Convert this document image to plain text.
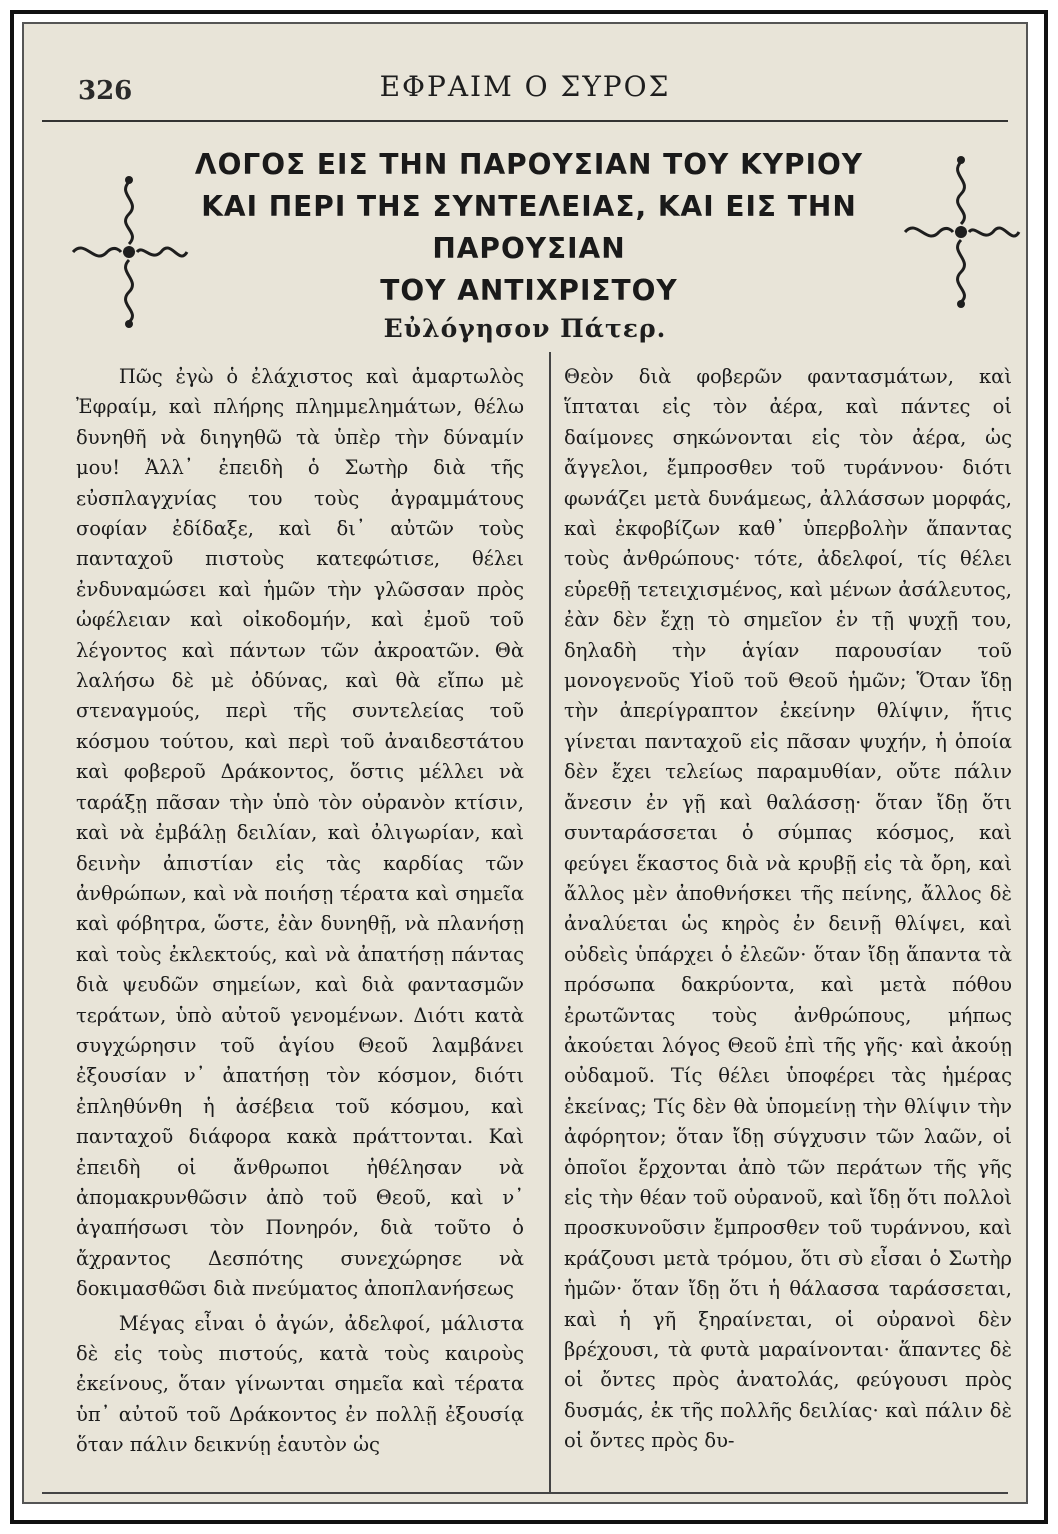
326	ΕΦΡΑΙΜ Ο ΣΥΡΟΣ
ΛΟΓΟΣ ΕΙΣ ΤΗΝ ΠΑΡΟΥΣΙΑΝ ΤΟΥ ΚΥΡΙΟΥ
ΚΑΙ ΠΕΡΙ ΤΗΣ ΣΥΝΤΕΛΕΙΑΣ, ΚΑΙ ΕΙΣ ΤΗΝ ΠΑΡΟΥΣΙΑΝ
ΤΟΥ ΑΝΤΙΧΡΙΣΤΟΥ
Εὐλόγησον Πάτερ.

Πῶς ἐγὼ ὁ ἐλάχιστος καὶ ἁμαρτωλὸς Ἐφραίμ, καὶ πλήρης πλημμελημάτων, θέλω δυνηθῆ νὰ διηγηθῶ τὰ ὑπὲρ τὴν δύναμίν μου! Ἀλλ᾽ ἐπειδὴ ὁ Σωτὴρ διὰ τῆς εὐσπλαγχνίας του τοὺς ἀγραμμάτους σοφίαν ἐδίδαξε, καὶ δι᾽ αὐτῶν τοὺς πανταχοῦ πιστοὺς κατεφώτισε, θέλει ἐνδυναμώσει καὶ ἡμῶν τὴν γλῶσσαν πρὸς ὠφέλειαν καὶ οἰκοδομήν, καὶ ἐμοῦ τοῦ λέγοντος καὶ πάντων τῶν ἀκροατῶν. Θὰ λαλήσω δὲ μὲ ὀδύνας, καὶ θὰ εἴπω μὲ στεναγμούς, περὶ τῆς συντελείας τοῦ κόσμου τούτου, καὶ περὶ τοῦ ἀναιδεστάτου καὶ φοβεροῦ Δράκοντος, ὅστις μέλλει νὰ ταράξῃ πᾶσαν τὴν ὑπὸ τὸν οὐρανὸν κτίσιν, καὶ νὰ ἐμβάλῃ δειλίαν, καὶ ὀλιγωρίαν, καὶ δεινὴν ἀπιστίαν εἰς τὰς καρδίας τῶν ἀνθρώπων, καὶ νὰ ποιήσῃ τέρατα καὶ σημεῖα καὶ φόβητρα, ὥστε, ἐὰν δυνηθῇ, νὰ πλανήσῃ καὶ τοὺς ἐκλεκτούς, καὶ νὰ ἀπατήσῃ πάντας διὰ ψευδῶν σημείων, καὶ διὰ φαντασμῶν τεράτων, ὑπὸ αὐτοῦ γενομένων. Διότι κατὰ συγχώρησιν τοῦ ἁγίου Θεοῦ λαμβάνει ἐξουσίαν ν᾽ ἀπατήσῃ τὸν κόσμον, διότι ἐπληθύνθη ἡ ἀσέβεια τοῦ κόσμου, καὶ πανταχοῦ διάφορα κακὰ πράττονται. Καὶ ἐπειδὴ οἱ ἄνθρωποι ἠθέλησαν νὰ ἀπομακρυνθῶσιν ἀπὸ τοῦ Θεοῦ, καὶ ν᾽ ἀγαπήσωσι τὸν Πονηρόν, διὰ τοῦτο ὁ ἄχραντος Δεσπότης συνεχώρησε νὰ δοκιμασθῶσι διὰ πνεύματος ἀποπλανήσεως

Μέγας εἶναι ὁ ἀγών, ἀδελφοί, μάλιστα δὲ εἰς τοὺς πιστούς, κατὰ τοὺς καιροὺς ἐκείνους, ὅταν γίνωνται σημεῖα καὶ τέρατα ὑπ᾽ αὐτοῦ τοῦ Δράκοντος ἐν πολλῇ ἐξουσίᾳ ὅταν πάλιν δεικνύῃ ἑαυτὸν ὡς

Θεὸν διὰ φοβερῶν φαντασμάτων, καὶ ἵπταται εἰς τὸν ἀέρα, καὶ πάντες οἱ δαίμονες σηκώνονται εἰς τὸν ἀέρα, ὡς ἄγγελοι, ἔμπροσθεν τοῦ τυράννου· διότι φωνάζει μετὰ δυνάμεως, ἀλλάσσων μορφάς, καὶ ἐκφοβίζων καθ᾽ ὑπερβολὴν ἅπαντας τοὺς ἀνθρώπους· τότε, ἀδελφοί, τίς θέλει εὑρεθῇ τετειχισμένος, καὶ μένων ἀσάλευτος, ἐὰν δὲν ἔχῃ τὸ σημεῖον ἐν τῇ ψυχῇ του, δηλαδὴ τὴν ἁγίαν παρουσίαν τοῦ μονογενοῦς Υἱοῦ τοῦ Θεοῦ ἡμῶν; Ὅταν ἴδῃ τὴν ἀπερίγραπτον ἐκείνην θλίψιν, ἥτις γίνεται πανταχοῦ εἰς πᾶσαν ψυχήν, ἡ ὁποία δὲν ἔχει τελείως παραμυθίαν, οὔτε πάλιν ἄνεσιν ἐν γῇ καὶ θαλάσσῃ· ὅταν ἴδῃ ὅτι συνταράσσεται ὁ σύμπας κόσμος, καὶ φεύγει ἕκαστος διὰ νὰ κρυβῇ εἰς τὰ ὄρη, καὶ ἄλλος μὲν ἀποθνήσκει τῆς πείνης, ἄλλος δὲ ἀναλύεται ὡς κηρὸς ἐν δεινῇ θλίψει, καὶ οὐδεὶς ὑπάρχει ὁ ἐλεῶν· ὅταν ἴδῃ ἅπαντα τὰ πρόσωπα δακρύοντα, καὶ μετὰ πόθου ἐρωτῶντας τοὺς ἀνθρώπους, μήπως ἀκούεται λόγος Θεοῦ ἐπὶ τῆς γῆς· καὶ ἀκούῃ οὐδαμοῦ. Τίς θέλει ὑποφέρει τὰς ἡμέρας ἐκείνας; Τίς δὲν θὰ ὑπομείνῃ τὴν θλίψιν τὴν ἀφόρητον; ὅταν ἴδῃ σύγχυσιν τῶν λαῶν, οἱ ὁποῖοι ἔρχονται ἀπὸ τῶν περάτων τῆς γῆς εἰς τὴν θέαν τοῦ οὐρανοῦ, καὶ ἴδῃ ὅτι πολλοὶ προσκυνοῦσιν ἔμπροσθεν τοῦ τυράννου, καὶ κράζουσι μετὰ τρόμου, ὅτι σὺ εἶσαι ὁ Σωτὴρ ἡμῶν· ὅταν ἴδῃ ὅτι ἡ θάλασσα ταράσσεται, καὶ ἡ γῆ ξηραίνεται, οἱ οὐρανοὶ δὲν βρέχουσι, τὰ φυτὰ μαραίνονται· ἅπαντες δὲ οἱ ὄντες πρὸς ἀνατολάς, φεύγουσι πρὸς δυσμάς, ἐκ τῆς πολλῆς δειλίας· καὶ πάλιν δὲ οἱ ὄντες πρὸς δυ-
